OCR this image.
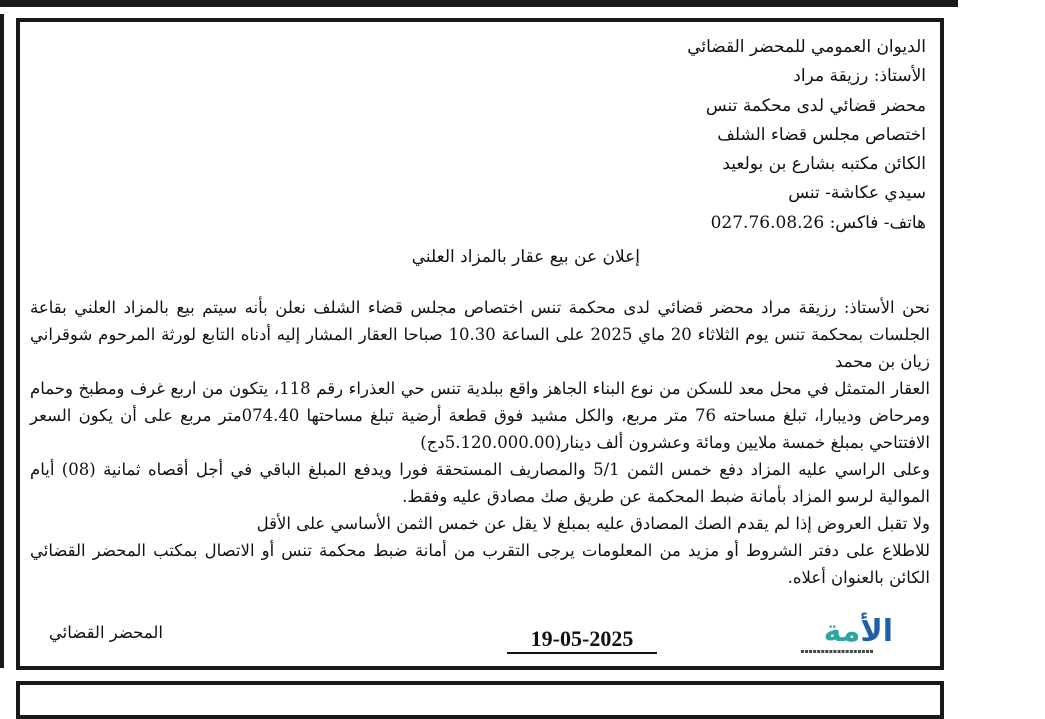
الديوان العمومي للمحضر القضائي
الأستاذ: رزيقة مراد
محضر قضائي لدى محكمة تنس
اختصاص مجلس قضاء الشلف
الكائن مكتبه بشارع بن بولعيد
سيدي عكاشة- تنس
هاتف- فاكس: 027.76.08.26
إعلان عن بيع عقار بالمزاد العلني

نحن الأستاذ: رزيقة مراد محضر قضائي لدى محكمة تنس اختصاص مجلس قضاء الشلف نعلن بأنه سيتم بيع بالمزاد العلني بقاعة الجلسات بمحكمة تنس يوم الثلاثاء 20 ماي 2025 على الساعة 10.30 صباحا العقار المشار إليه أدناه التابع لورثة المرحوم شوقراني زيان بن محمد

العقار المتمثل في محل معد للسكن من نوع البناء الجاهز واقع ببلدية تنس حي العذراء رقم 118، يتكون من اربع غرف ومطبخ وحمام ومرحاض وديبارا، تبلغ مساحته 76 متر مربع، والكل مشيد فوق قطعة أرضية تبلغ مساحتها 074.40متر مربع على أن يكون السعر الافتتاحي بمبلغ خمسة ملايين ومائة وعشرون ألف دينار(5.120.000.00دج)

وعلى الراسي عليه المزاد دفع خمس الثمن 5/1 والمصاريف المستحقة فورا ويدفع المبلغ الباقي في أجل أقصاه ثمانية (08) أيام الموالية لرسو المزاد بأمانة ضبط المحكمة عن طريق صك مصادق عليه وفقط.

ولا تقبل العروض إذا لم يقدم الصك المصادق عليه بمبلغ لا يقل عن خمس الثمن الأساسي على الأقل

للاطلاع على دفتر الشروط أو مزيد من المعلومات يرجى التقرب من أمانة ضبط محكمة تنس أو الاتصال بمكتب المحضر القضائي الكائن بالعنوان أعلاه.

المحضر القضائي	19-05-2025	الأمة
▪▪▪▪▪▪▪▪▪▪▪▪▪▪▪▪▪▪
